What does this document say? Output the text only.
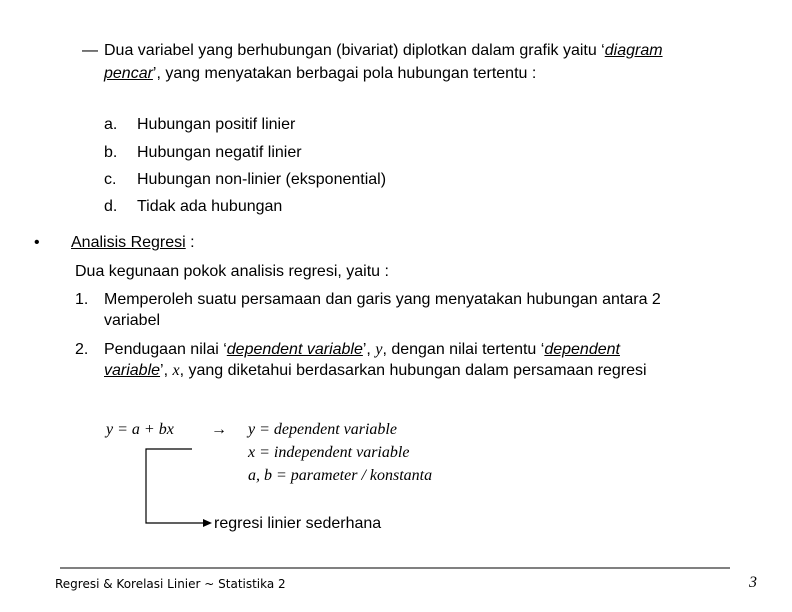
— Dua variabel yang berhubungan (bivariat) diplotkan dalam grafik yaitu ‘diagram
pencar’, yang menyatakan berbagai pola hubungan tertentu :
a. Hubungan positif linier
b. Hubungan negatif linier
c. Hubungan non-linier (eksponential)
d. Tidak ada hubungan
• Analisis Regresi :
Dua kegunaan pokok analisis regresi, yaitu :
1. Memperoleh suatu persamaan dan garis yang menyatakan hubungan antara 2
variabel
2. Pendugaan nilai ‘dependent variable’, y, dengan nilai tertentu ‘dependent
variable’, x, yang diketahui berdasarkan hubungan dalam persamaan regresi
y = a + bx → y = dependent variable
x = independent variable
a, b = parameter / konstanta
regresi linier sederhana
Regresi & Korelasi Linier ~ Statistika 2	3
